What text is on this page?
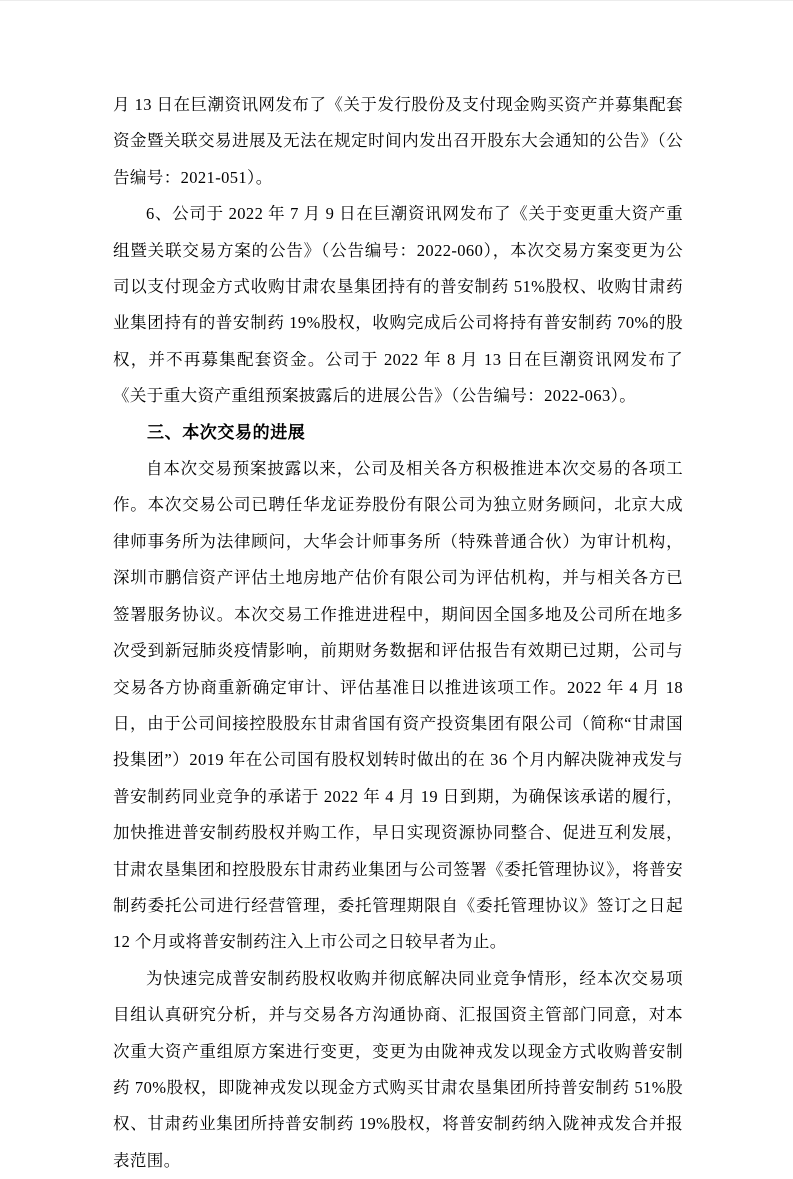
月 13 日在巨潮资讯网发布了《关于发行股份及支付现金购买资产并募集配套资金暨关联交易进展及无法在规定时间内发出召开股东大会通知的公告》（公告编号：2021-051）。

6、公司于 2022 年 7 月 9 日在巨潮资讯网发布了《关于变更重大资产重组暨关联交易方案的公告》（公告编号：2022-060），本次交易方案变更为公司以支付现金方式收购甘肃农垦集团持有的普安制药 51%股权、收购甘肃药业集团持有的普安制药 19%股权，收购完成后公司将持有普安制药 70%的股权，并不再募集配套资金。公司于 2022 年 8 月 13 日在巨潮资讯网发布了《关于重大资产重组预案披露后的进展公告》（公告编号：2022-063）。

三、本次交易的进展

自本次交易预案披露以来，公司及相关各方积极推进本次交易的各项工作。本次交易公司已聘任华龙证券股份有限公司为独立财务顾问，北京大成律师事务所为法律顾问，大华会计师事务所（特殊普通合伙）为审计机构，深圳市鹏信资产评估土地房地产估价有限公司为评估机构，并与相关各方已签署服务协议。本次交易工作推进进程中，期间因全国多地及公司所在地多次受到新冠肺炎疫情影响，前期财务数据和评估报告有效期已过期，公司与交易各方协商重新确定审计、评估基准日以推进该项工作。2022 年 4 月 18 日，由于公司间接控股股东甘肃省国有资产投资集团有限公司（简称“甘肃国投集团”）2019 年在公司国有股权划转时做出的在 36 个月内解决陇神戎发与普安制药同业竞争的承诺于 2022 年 4 月 19 日到期，为确保该承诺的履行，加快推进普安制药股权并购工作，早日实现资源协同整合、促进互利发展，甘肃农垦集团和控股股东甘肃药业集团与公司签署《委托管理协议》，将普安制药委托公司进行经营管理，委托管理期限自《委托管理协议》签订之日起 12 个月或将普安制药注入上市公司之日较早者为止。

为快速完成普安制药股权收购并彻底解决同业竞争情形，经本次交易项目组认真研究分析，并与交易各方沟通协商、汇报国资主管部门同意，对本次重大资产重组原方案进行变更，变更为由陇神戎发以现金方式收购普安制药 70%股权，即陇神戎发以现金方式购买甘肃农垦集团所持普安制药 51%股权、甘肃药业集团所持普安制药 19%股权，将普安制药纳入陇神戎发合并报表范围。
